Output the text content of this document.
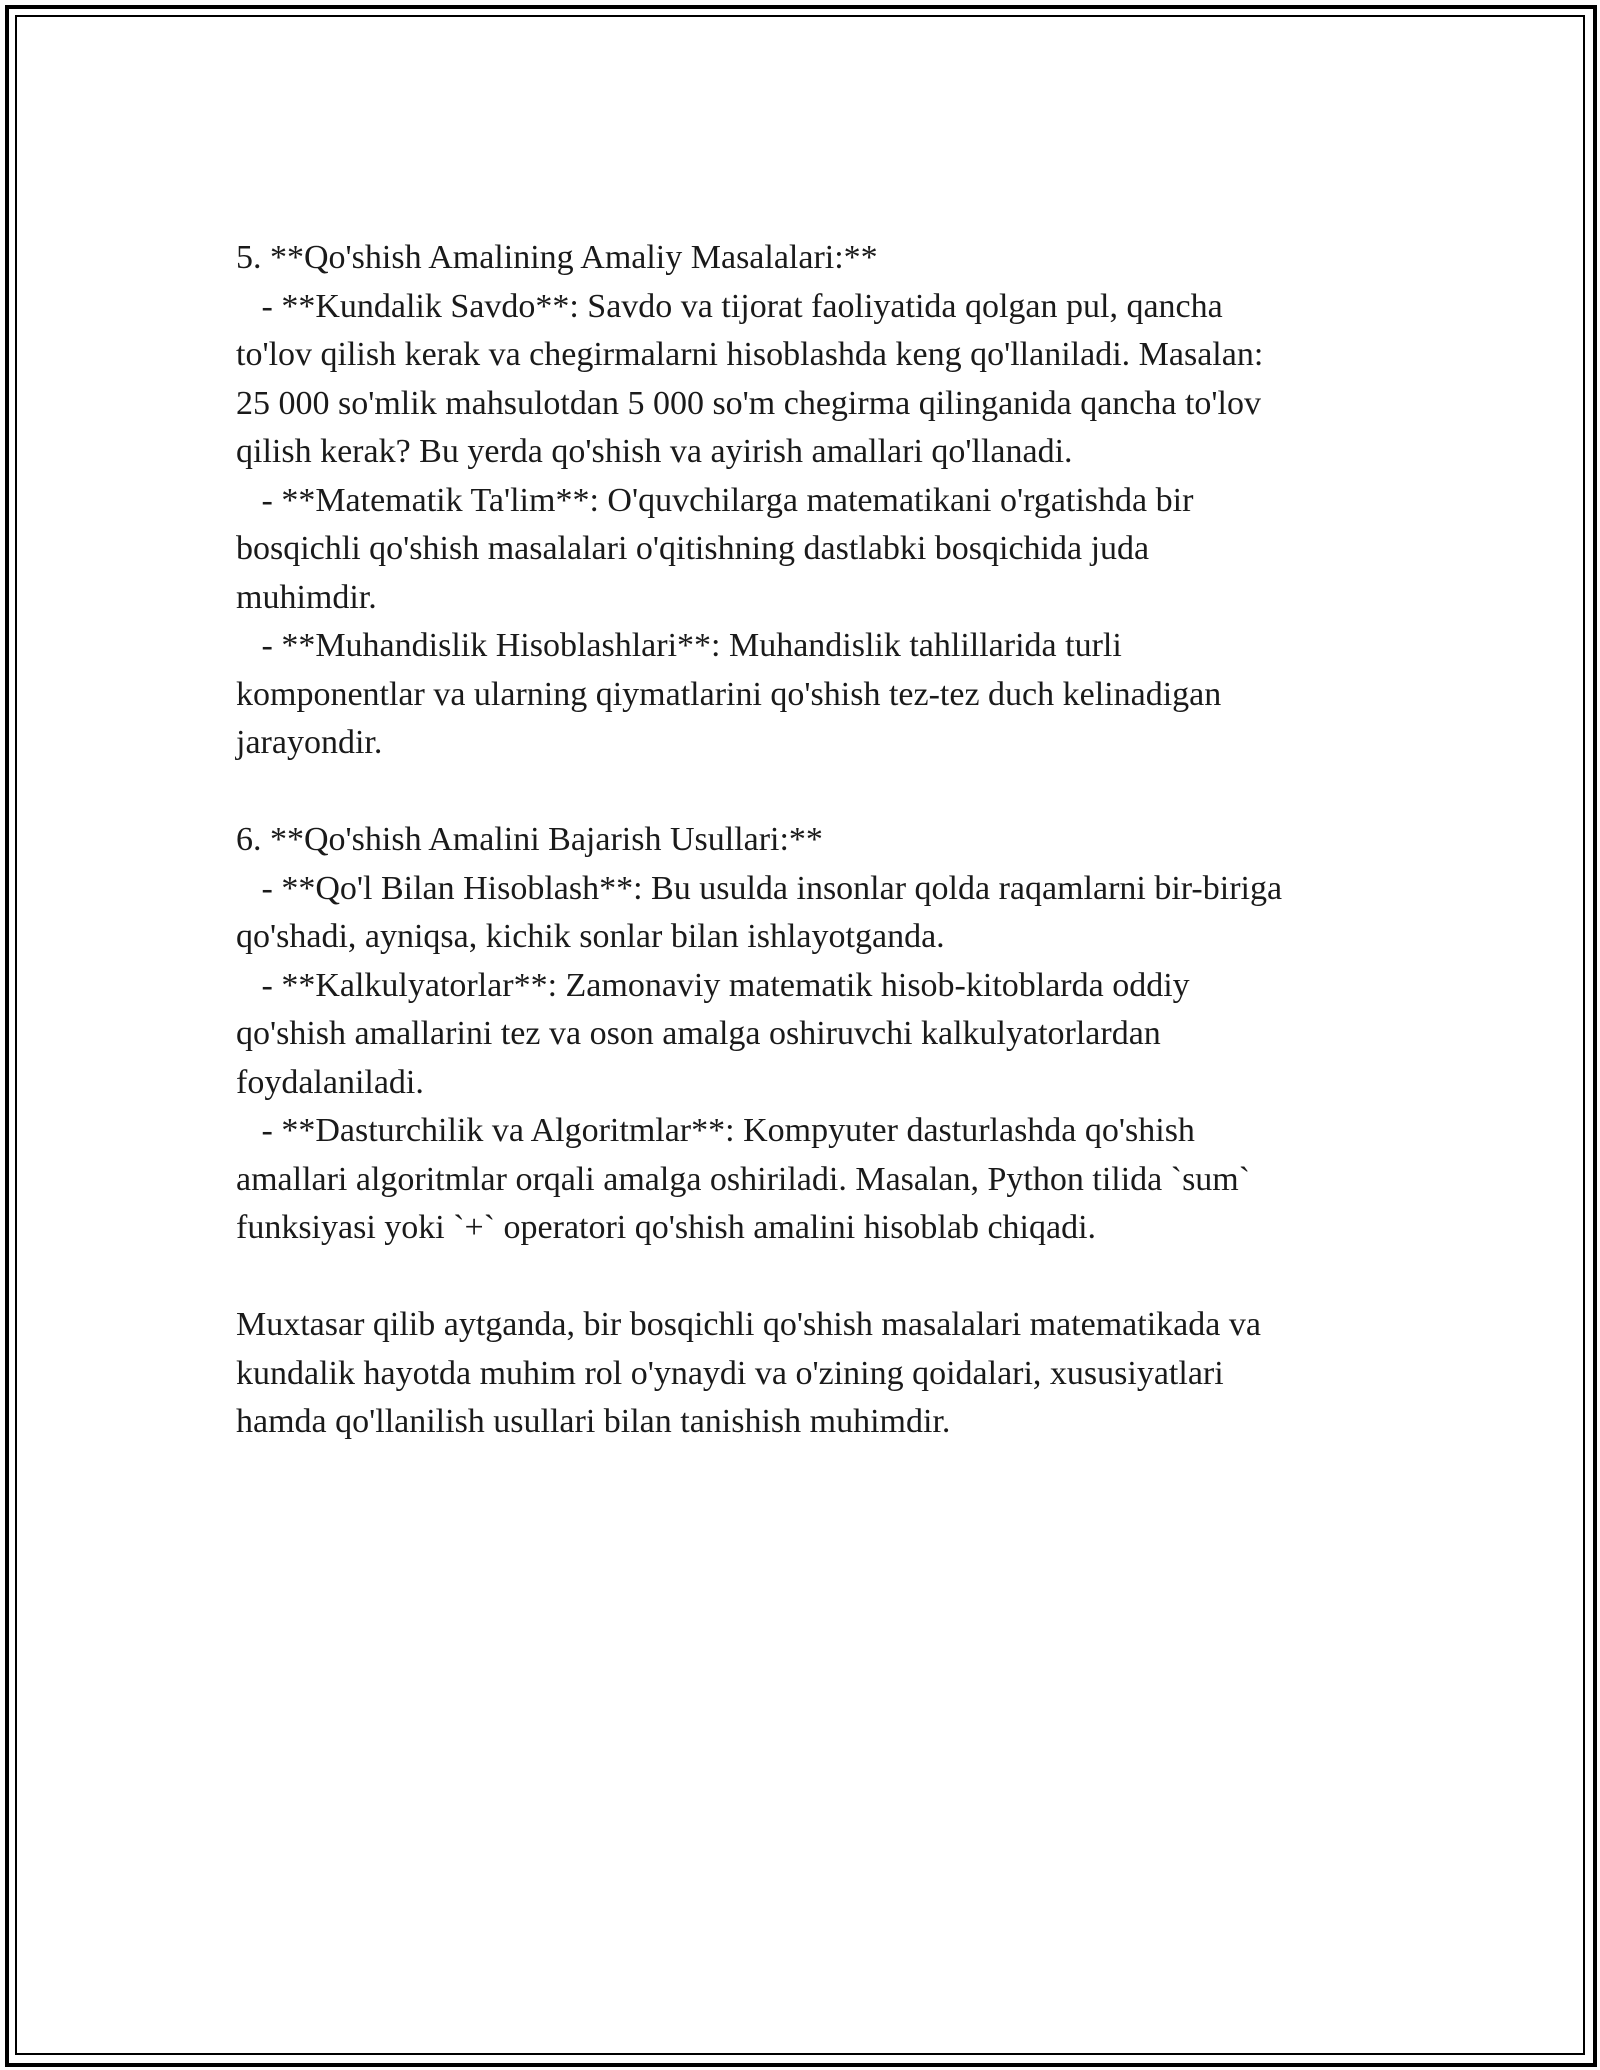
5. **Qo'shish Amalining Amaliy Masalalari:**
- **Kundalik Savdo**: Savdo va tijorat faoliyatida qolgan pul, qancha
to'lov qilish kerak va chegirmalarni hisoblashda keng qo'llaniladi. Masalan:
25 000 so'mlik mahsulotdan 5 000 so'm chegirma qilinganida qancha to'lov
qilish kerak? Bu yerda qo'shish va ayirish amallari qo'llanadi.
- **Matematik Ta'lim**: O'quvchilarga matematikani o'rgatishda bir
bosqichli qo'shish masalalari o'qitishning dastlabki bosqichida juda
muhimdir.
- **Muhandislik Hisoblashlari**: Muhandislik tahlillarida turli
komponentlar va ularning qiymatlarini qo'shish tez-tez duch kelinadigan
jarayondir.
6. **Qo'shish Amalini Bajarish Usullari:**
- **Qo'l Bilan Hisoblash**: Bu usulda insonlar qolda raqamlarni bir-biriga
qo'shadi, ayniqsa, kichik sonlar bilan ishlayotganda.
- **Kalkulyatorlar**: Zamonaviy matematik hisob-kitoblarda oddiy
qo'shish amallarini tez va oson amalga oshiruvchi kalkulyatorlardan
foydalaniladi.
- **Dasturchilik va Algoritmlar**: Kompyuter dasturlashda qo'shish
amallari algoritmlar orqali amalga oshiriladi. Masalan, Python tilida `sum`
funksiyasi yoki `+` operatori qo'shish amalini hisoblab chiqadi.
Muxtasar qilib aytganda, bir bosqichli qo'shish masalalari matematikada va
kundalik hayotda muhim rol o'ynaydi va o'zining qoidalari, xususiyatlari
hamda qo'llanilish usullari bilan tanishish muhimdir.
